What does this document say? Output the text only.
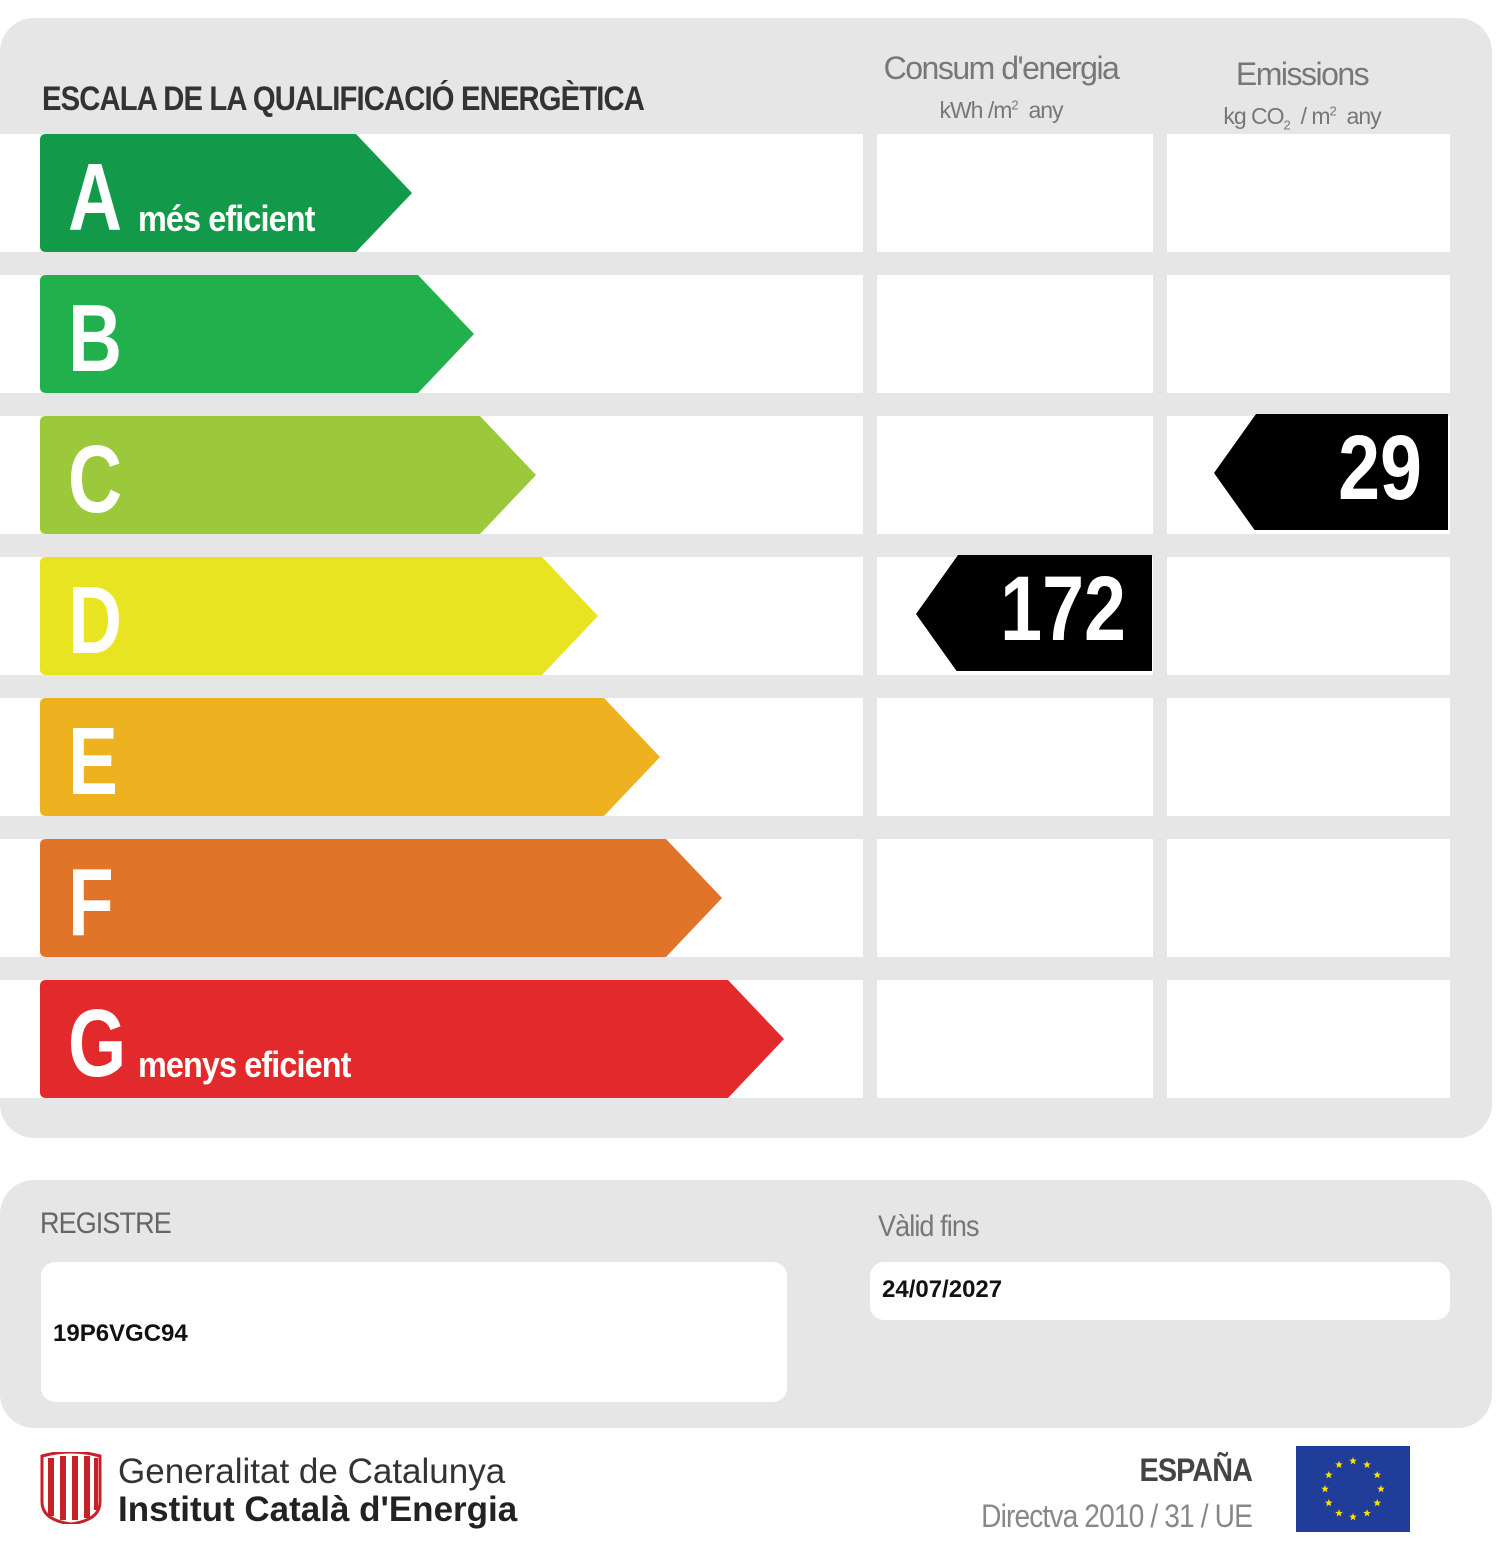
ESCALA DE LA QUALIFICACIÓ ENERGÈTICA
Consum d'energia
kWh $/m^2$ any
Emissions
kg $CO_2 / m^2$ any
A més eficient
B
C	29
D	172
E
F
G menys eficient
REGISTRE
19P6VGC94
Vàlid fins
24/07/2027
Generalitat de Catalunya
Institut Català d'Energia
ESPAÑA
Directva 2010 / 31 / UE
